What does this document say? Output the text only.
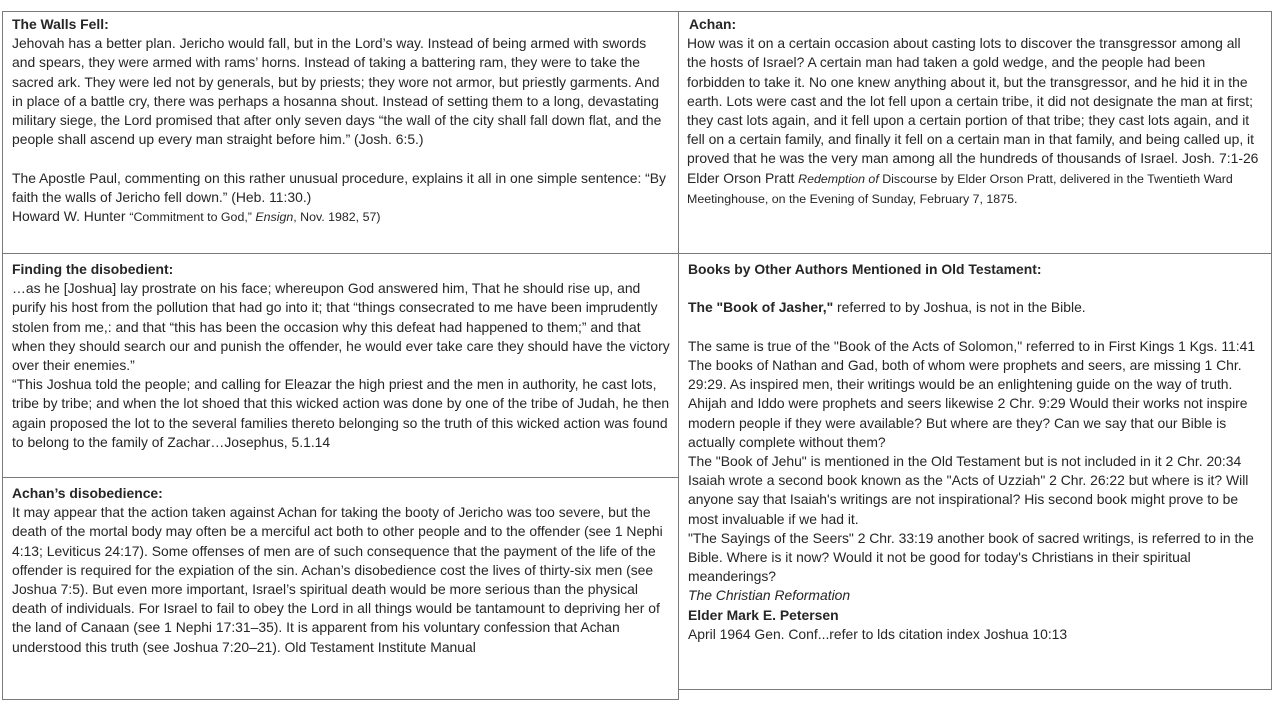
The Walls Fell:

Jehovah has a better plan. Jericho would fall, but in the Lord’s way. Instead of being armed with swords and spears, they were armed with rams’ horns. Instead of taking a battering ram, they were to take the sacred ark. They were led not by generals, but by priests; they wore not armor, but priestly garments. And in place of a battle cry, there was perhaps a hosanna shout. Instead of setting them to a long, devastating military siege, the Lord promised that after only seven days “the wall of the city shall fall down flat, and the people shall ascend up every man straight before him.” (Josh. 6:5.)

The Apostle Paul, commenting on this rather unusual procedure, explains it all in one simple sentence: “By faith the walls of Jericho fell down.” (Heb. 11:30.)

Howard W. Hunter “Commitment to God,” Ensign, Nov. 1982, 57)

Achan:

How was it on a certain occasion about casting lots to discover the transgressor among all the hosts of Israel? A certain man had taken a gold wedge, and the people had been forbidden to take it. No one knew anything about it, but the transgressor, and he hid it in the earth. Lots were cast and the lot fell upon a certain tribe, it did not designate the man at first; they cast lots again, and it fell upon a certain portion of that tribe; they cast lots again, and it fell on a certain family, and finally it fell on a certain man in that family, and being called up, it proved that he was the very man among all the hundreds of thousands of Israel. Josh. 7:1-26

Elder Orson Pratt Redemption of Discourse by Elder Orson Pratt, delivered in the Twentieth Ward Meetinghouse, on the Evening of Sunday, February 7, 1875.

Finding the disobedient:

…as he [Joshua] lay prostrate on his face; whereupon God answered him, That he should rise up, and purify his host from the pollution that had go into it; that “things consecrated to me have been imprudently stolen from me,: and that “this has been the occasion why this defeat had happened to them;” and that when they should search our and punish the offender, he would ever take care they should have the victory over their enemies.”

“This Joshua told the people; and calling for Eleazar the high priest and the men in authority, he cast lots, tribe by tribe; and when the lot shoed that this wicked action was done by one of the tribe of Judah, he then again proposed the lot to the several families thereto belonging so the truth of this wicked action was found to belong to the family of Zachar…Josephus, 5.1.14

Achan’s disobedience:

It may appear that the action taken against Achan for taking the booty of Jericho was too severe, but the death of the mortal body may often be a merciful act both to other people and to the offender (see 1 Nephi 4:13; Leviticus 24:17). Some offenses of men are of such consequence that the payment of the life of the offender is required for the expiation of the sin. Achan’s disobedience cost the lives of thirty-six men (see Joshua 7:5). But even more important, Israel’s spiritual death would be more serious than the physical death of individuals. For Israel to fail to obey the Lord in all things would be tantamount to depriving her of the land of Canaan (see 1 Nephi 17:31–35). It is apparent from his voluntary confession that Achan understood this truth (see Joshua 7:20–21). Old Testament Institute Manual

Books by Other Authors Mentioned in Old Testament:

The "Book of Jasher," referred to by Joshua, is not in the Bible.

The same is true of the "Book of the Acts of Solomon," referred to in First Kings 1 Kgs. 11:41

The books of Nathan and Gad, both of whom were prophets and seers, are missing 1 Chr. 29:29. As inspired men, their writings would be an enlightening guide on the way of truth.

Ahijah and Iddo were prophets and seers likewise 2 Chr. 9:29 Would their works not inspire modern people if they were available? But where are they? Can we say that our Bible is actually complete without them?

The "Book of Jehu" is mentioned in the Old Testament but is not included in it 2 Chr. 20:34 Isaiah wrote a second book known as the "Acts of Uzziah" 2 Chr. 26:22 but where is it? Will anyone say that Isaiah's writings are not inspirational? His second book might prove to be most invaluable if we had it.

"The Sayings of the Seers" 2 Chr. 33:19 another book of sacred writings, is referred to in the Bible. Where is it now? Would it not be good for today's Christians in their spiritual meanderings?

The Christian Reformation

Elder Mark E. Petersen

April 1964 Gen. Conf...refer to lds citation index Joshua 10:13
